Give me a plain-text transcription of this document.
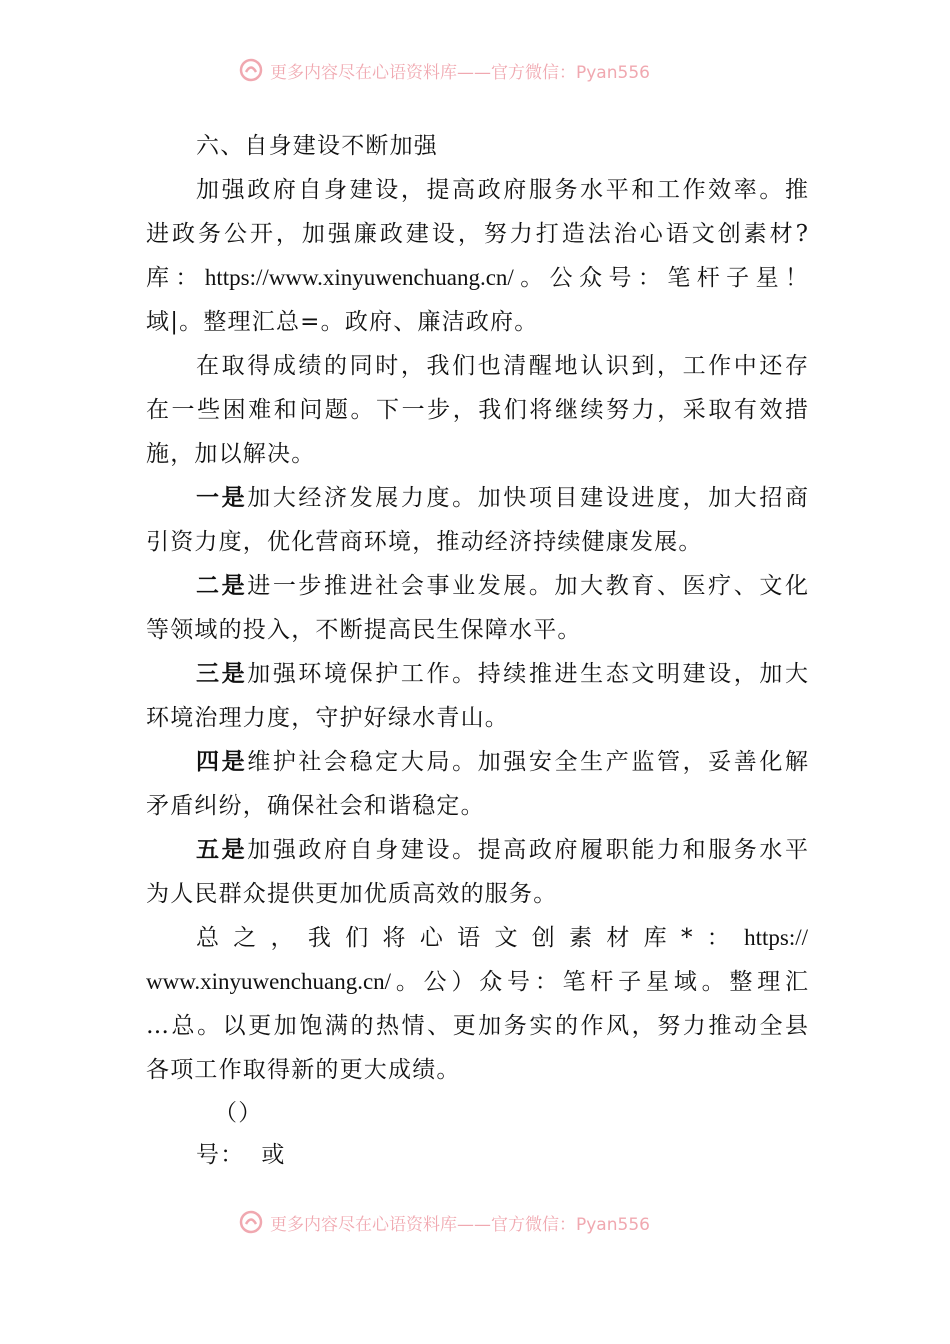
更多内容尽在心语资料库——官方微信：Pyan556
六、自身建设不断加强
加强政府自身建设，提高政府服务水平和工作效率。推
进政务公开，加强廉政建设，努力打造法治心语文创素材?
库：https://www.xinyuwenchuang.cn/。公众号：笔杆子星！
域|。整理汇总=。政府、廉洁政府。
在取得成绩的同时，我们也清醒地认识到，工作中还存
在一些困难和问题。下一步，我们将继续努力，采取有效措
施，加以解决。
一是加大经济发展力度。加快项目建设进度，加大招商
引资力度，优化营商环境，推动经济持续健康发展。
二是进一步推进社会事业发展。加大教育、医疗、文化
等领域的投入，不断提高民生保障水平。
三是加强环境保护工作。持续推进生态文明建设，加大
环境治理力度，守护好绿水青山。
四是维护社会稳定大局。加强安全生产监管，妥善化解
矛盾纠纷，确保社会和谐稳定。
五是加强政府自身建设。提高政府履职能力和服务水平
为人民群众提供更加优质高效的服务。
总之，我们将心语文创素材库*：https://
www.xinyuwenchuang.cn/。公）众号：笔杆子星域。整理汇
…总。以更加饱满的热情、更加务实的作风，努力推动全县
各项工作取得新的更大成绩。
（）
号：  或
更多内容尽在心语资料库——官方微信：Pyan556
